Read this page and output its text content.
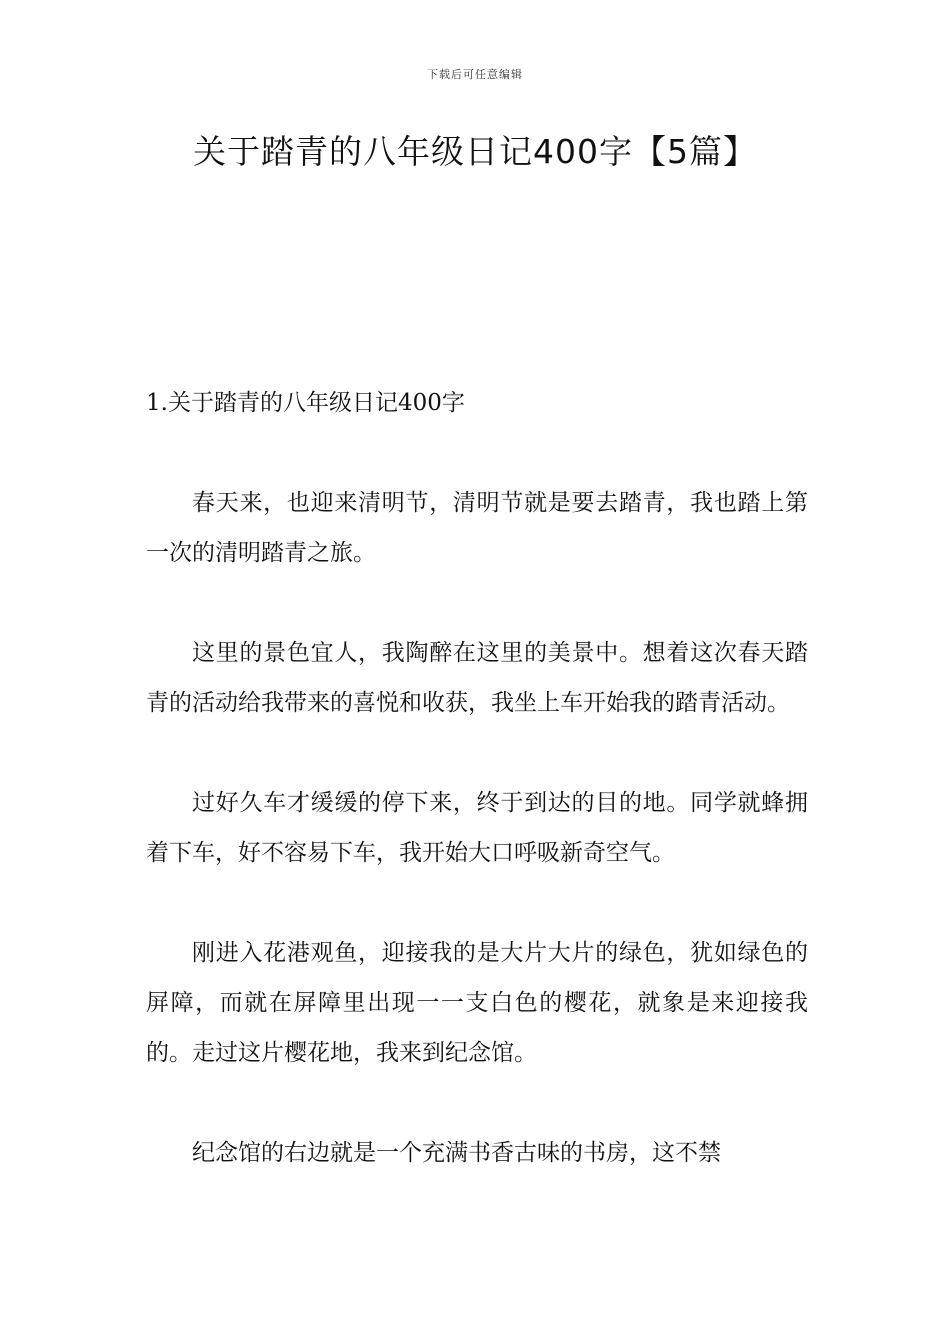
下载后可任意编辑
关于踏青的八年级日记400字【5篇】

1.关于踏青的八年级日记400字

春天来，也迎来清明节，清明节就是要去踏青，我也踏上第一次的清明踏青之旅。

这里的景色宜人，我陶醉在这里的美景中。想着这次春天踏青的活动给我带来的喜悦和收获，我坐上车开始我的踏青活动。

过好久车才缓缓的停下来，终于到达的目的地。同学就蜂拥着下车，好不容易下车，我开始大口呼吸新奇空气。

刚进入花港观鱼，迎接我的是大片大片的绿色，犹如绿色的屏障，而就在屏障里出现一一支白色的樱花，就象是来迎接我的。走过这片樱花地，我来到纪念馆。

纪念馆的右边就是一个充满书香古味的书房，这不禁
